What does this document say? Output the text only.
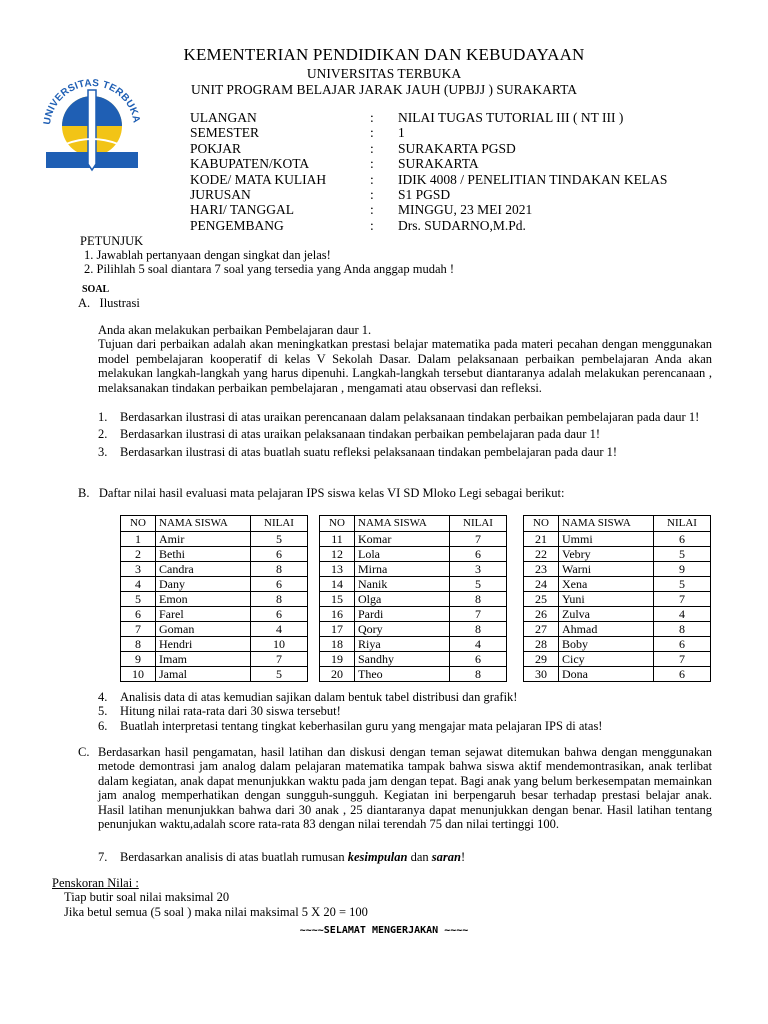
UNIVERSITAS TERBUKA
KEMENTERIAN PENDIDIKAN DAN KEBUDAYAAN
UNIVERSITAS TERBUKA
UNIT PROGRAM BELAJAR JARAK JAUH (UPBJJ ) SURAKARTA
ULANGAN	: NILAI TUGAS TUTORIAL III ( NT III )
SEMESTER	: 1
POKJAR	: SURAKARTA PGSD
KABUPATEN/KOTA	: SURAKARTA
KODE/ MATA KULIAH	: IDIK 4008 / PENELITIAN TINDAKAN KELAS
JURUSAN	: S1 PGSD
HARI/ TANGGAL	: MINGGU, 23 MEI 2021
PENGEMBANG	: Drs. SUDARNO,M.Pd.
PETUNJUK
1. Jawablah pertanyaan dengan singkat dan jelas!
2. Pilihlah 5 soal diantara 7 soal yang tersedia yang Anda anggap mudah !
SOAL
A. Ilustrasi

Anda akan melakukan perbaikan Pembelajaran daur 1.

Tujuan dari perbaikan adalah akan meningkatkan prestasi belajar matematika pada materi pecahan dengan menggunakan model pembelajaran kooperatif di kelas V Sekolah Dasar. Dalam pelaksanaan perbaikan pembelajaran Anda akan melakukan langkah-langkah yang harus dipenuhi. Langkah-langkah tersebut diantaranya adalah melakukan perencanaan , melaksanakan tindakan perbaikan pembelajaran , mengamati atau observasi dan refleksi.

1. Berdasarkan ilustrasi di atas uraikan perencanaan dalam pelaksanaan tindakan perbaikan pembelajaran pada daur 1!
2. Berdasarkan ilustrasi di atas uraikan pelaksanaan tindakan perbaikan pembelajaran pada daur 1!
3. Berdasarkan ilustrasi di atas buatlah suatu refleksi pelaksanaan tindakan pembelajaran pada daur 1!
B. Daftar nilai hasil evaluasi mata pelajaran IPS siswa kelas VI SD Mloko Legi sebagai berikut:
NO	NAMA SISWA	NILAI
1	Amir	5
2	Bethi	6
3	Candra	8
4	Dany	6
5	Emon	8
6	Farel	6
7	Goman	4
8	Hendri	10
9	Imam	7
10	Jamal	5
NO	NAMA SISWA	NILAI
11	Komar	7
12	Lola	6
13	Mirna	3
14	Nanik	5
15	Olga	8
16	Pardi	7
17	Qory	8
18	Riya	4
19	Sandhy	6
20	Theo	8
NO	NAMA SISWA	NILAI
21	Ummi	6
22	Vebry	5
23	Warni	9
24	Xena	5
25	Yuni	7
26	Zulva	4
27	Ahmad	8
28	Boby	6
29	Cicy	7
30	Dona	6
4. Analisis data di atas kemudian sajikan dalam bentuk tabel distribusi dan grafik!
5. Hitung nilai rata-rata dari 30 siswa tersebut!
6. Buatlah interpretasi tentang tingkat keberhasilan guru yang mengajar mata pelajaran IPS di atas!
C. Berdasarkan hasil pengamatan, hasil latihan dan diskusi dengan teman sejawat ditemukan bahwa dengan menggunakan metode demontrasi jam analog dalam pelajaran matematika tampak bahwa siswa aktif mendemontrasikan, anak terlibat dalam kegiatan, anak dapat menunjukkan waktu pada jam dengan tepat. Bagi anak yang belum berkesempatan memainkan jam analog memperhatikan dengan sungguh-sungguh. Kegiatan ini berpengaruh besar terhadap prestasi belajar anak. Hasil latihan menunjukkan bahwa dari 30 anak , 25 diantaranya dapat menunjukkan dengan benar. Hasil latihan tentang penunjukan waktu,adalah score rata-rata 83 dengan nilai terendah 75 dan nilai tertinggi 100.
7. Berdasarkan analisis di atas buatlah rumusan kesimpulan dan saran!
Penskoran Nilai :
Tiap butir soal nilai maksimal 20
Jika betul semua (5 soal ) maka nilai maksimal 5 X 20 = 100
~~~~SELAMAT MENGERJAKAN ~~~~
